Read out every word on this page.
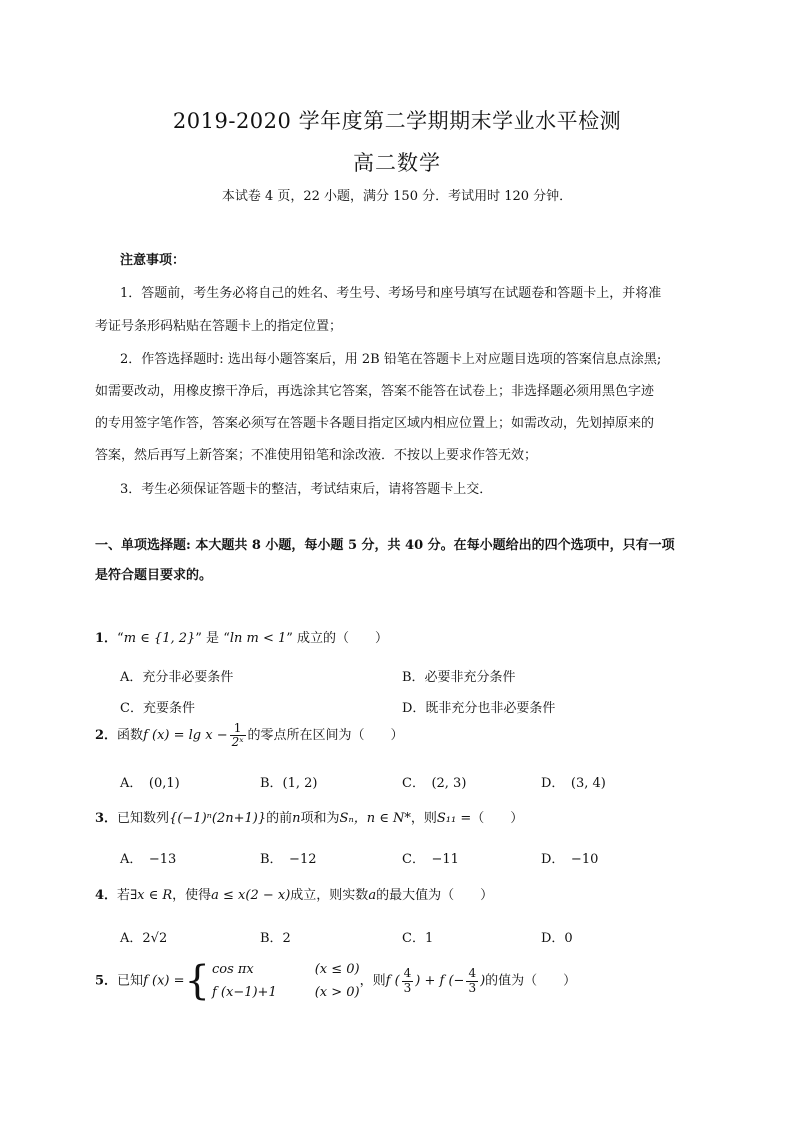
2019-2020 学年度第二学期期末学业水平检测
高二数学
本试卷 4 页，22 小题，满分 150 分．考试用时 120 分钟．
注意事项：
1．答题前，考生务必将自己的姓名、考生号、考场号和座号填写在试题卷和答题卡上，并将准
考证号条形码粘贴在答题卡上的指定位置；
2．作答选择题时: 选出每小题答案后，用 2B 铅笔在答题卡上对应题目选项的答案信息点涂黑;
如需要改动，用橡皮擦干净后，再选涂其它答案，答案不能答在试卷上；非选择题必须用黑色字迹
的专用签字笔作答，答案必须写在答题卡各题目指定区域内相应位置上；如需改动，先划掉原来的
答案，然后再写上新答案；不准使用铅笔和涂改液．不按以上要求作答无效；
3．考生必须保证答题卡的整洁，考试结束后，请将答题卡上交．
一、单项选择题: 本大题共 8 小题，每小题 5 分，共 40 分。在每小题给出的四个选项中，只有一项
是符合题目要求的。
1．“m ∈ {1, 2}” 是 “ln m < 1” 成立的（　　）
A．充分非必要条件	B．必要非充分条件
C．充要条件	D．既非充分也非必要条件
2．函数f $(x) = \lg x - \frac{1}{\text{2ˣ}}$ 的零点所在区间为（　　）
A．　(0,1)	B．(1, 2)	C．　(2, 3)	D．　(3, 4)
3．已知数列{(−1)ⁿ(2n+1)}的前n项和为Sₙ，n ∈ N*，则S₁₁ =（　　）
A．　−13	B．　−12	C．　−11	D．　−10
4．若∃x ∈ R，使得a ≤ x(2 − x)成立，则实数a的最大值为（　　）
A．2√2	B．2	C．1	D．0
5．已知f (x) ={ cos πx
f (x−1)+1(x ≤ 0)
(x > 0)，则f ( $\frac{4}{3}$ ) + f (− $\frac{4}{3}$ )的值为（　　）
